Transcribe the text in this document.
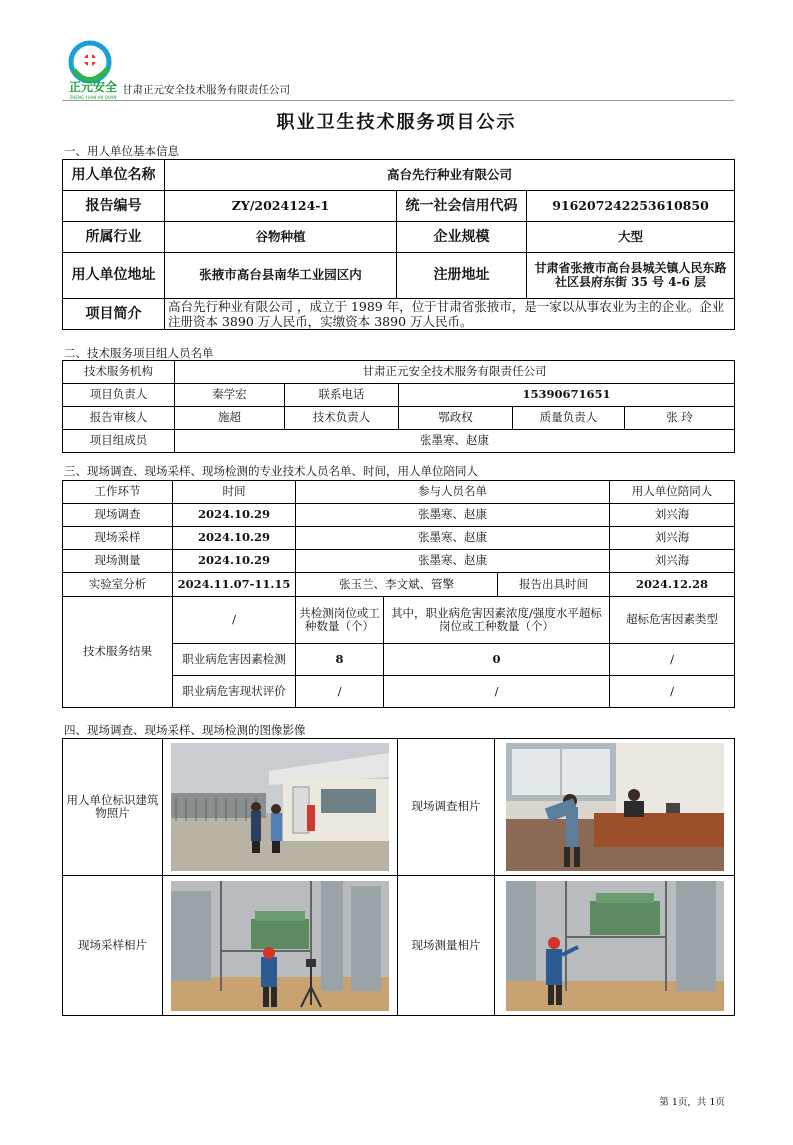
正元安全
ZHENG YUAN AN QUAN
甘肃正元安全技术服务有限责任公司
职业卫生技术服务项目公示
一、用人单位基本信息
用人单位名称	高台先行种业有限公司		
报告编号	ZY/2024124-1	统一社会信用代码	916207242253610850
所属行业	谷物种植	企业规模	大型
用人单位地址	张掖市高台县南华工业园区内	注册地址	甘肃省张掖市高台县城关镇人民东路社区县府东街 35 号 4-6 层
项目简介	高台先行种业有限公司 ，成立于 1989 年，位于甘肃省张掖市，是一家以从事农业为主的企业。企业注册资本 3890 万人民币，实缴资本 3890 万人民币。		
二、技术服务项目组人员名单
技术服务机构	甘肃正元安全技术服务有限责任公司				
项目负责人	秦学宏	联系电话	15390671651		
报告审核人	施超	技术负责人	鄂政权	质量负责人	张 玲
项目组成员	张墨寒、赵康				
三、现场调查、现场采样、现场检测的专业技术人员名单、时间，用人单位陪同人
工作环节	时间	参与人员名单			用人单位陪同人
现场调查	2024.10.29	张墨寒、赵康			刘兴海
现场采样	2024.10.29	张墨寒、赵康			刘兴海
现场测量	2024.10.29	张墨寒、赵康			刘兴海
实验室分析	2024.11.07-11.15	张玉兰、李文斌、管擎		报告出具时间	2024.12.28
技术服务结果	/	共检测岗位或工种数量（个）	其中，职业病危害因素浓度/强度水平超标岗位或工种数量（个）		超标危害因素类型
	职业病危害因素检测	8	0		/
	职业病危害现状评价	/	/		/
四、现场调查、现场采样、现场检测的图像影像
用人单位标识建筑物照片		现场调查相片	

现场采样相片		现场测量相片	
第 1页，共 1页
